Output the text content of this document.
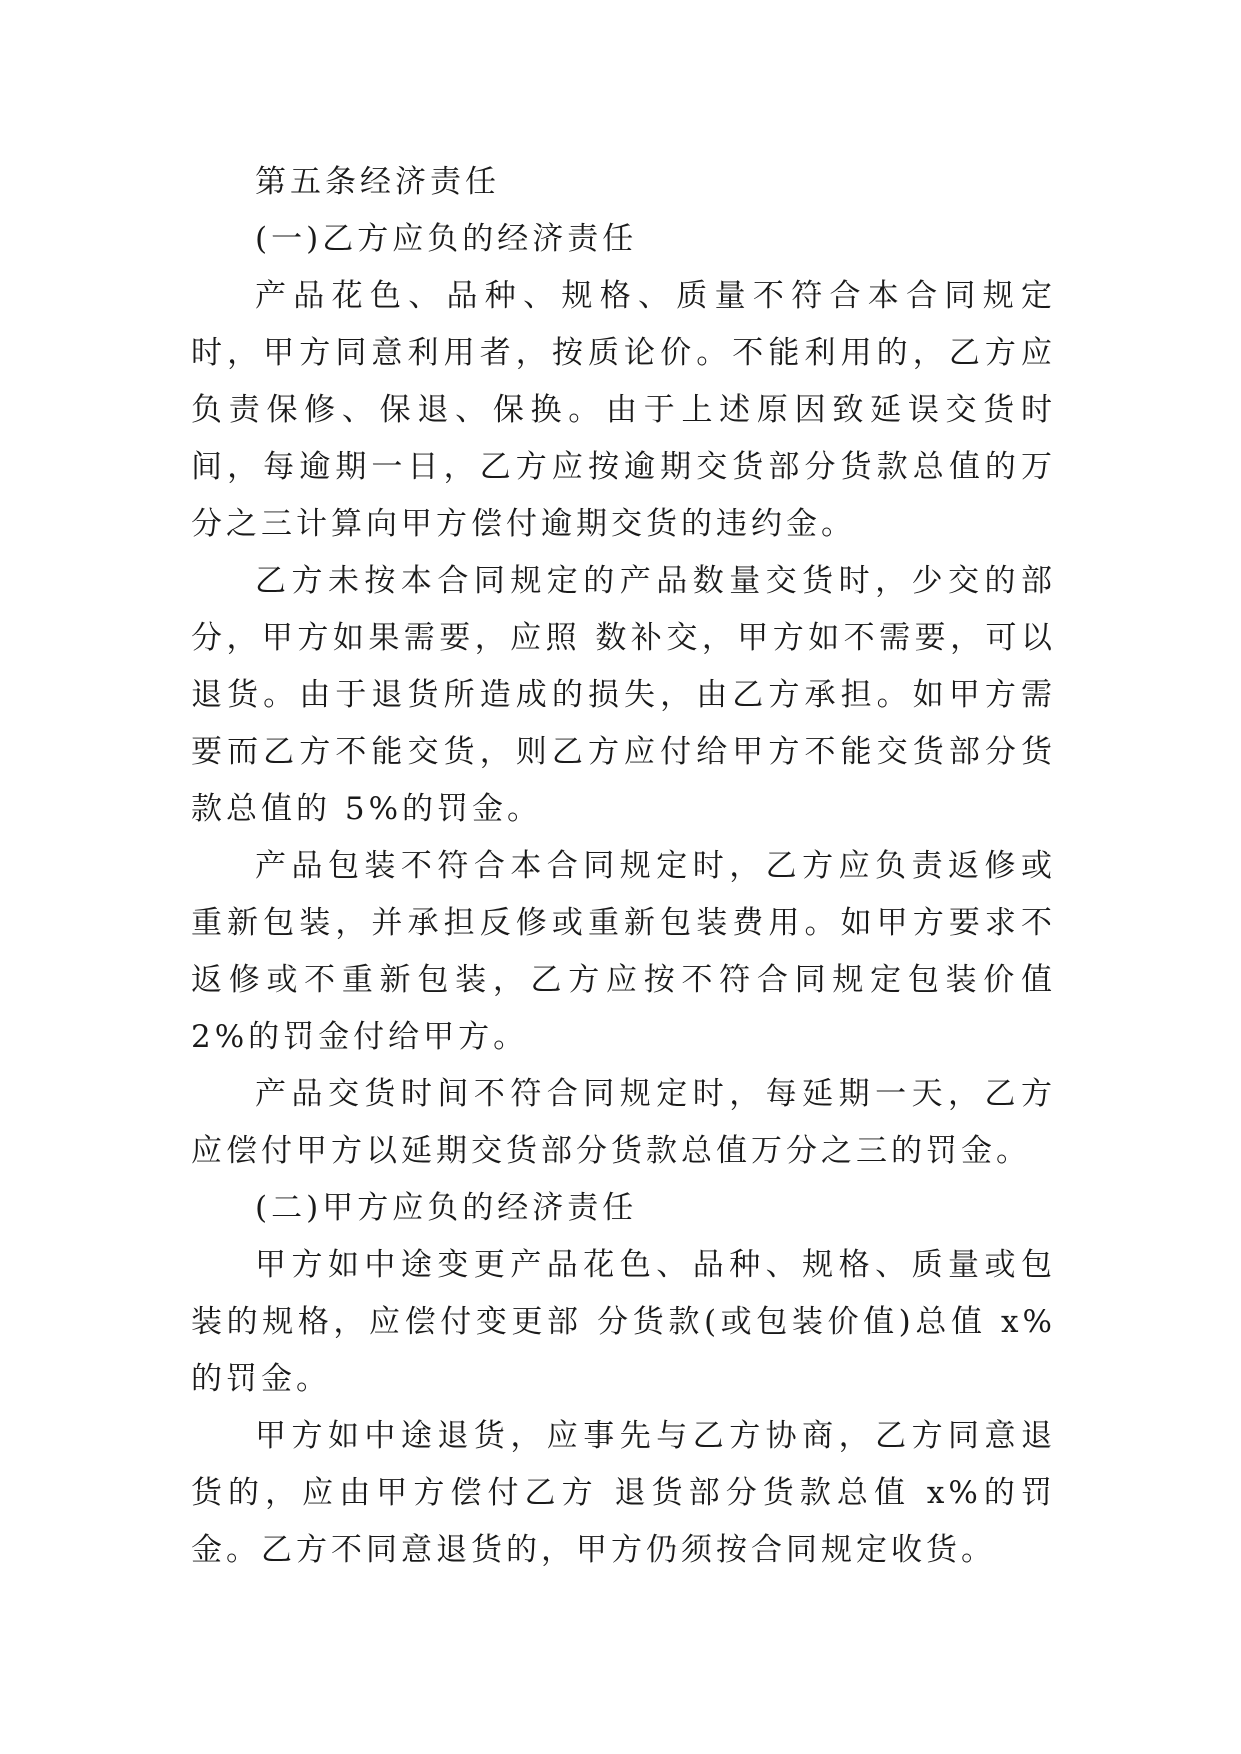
第五条经济责任

(一)乙方应负的经济责任

产品花色、品种、规格、质量不符合本合同规定时，甲方同意利用者，按质论价。不能利用的，乙方应负责保修、保退、保换。由于上述原因致延误交货时间，每逾期一日，乙方应按逾期交货部分货款总值的万分之三计算向甲方偿付逾期交货的违约金。

乙方未按本合同规定的产品数量交货时，少交的部分，甲方如果需要，应照 数补交，甲方如不需要，可以退货。由于退货所造成的损失，由乙方承担。如甲方需要而乙方不能交货，则乙方应付给甲方不能交货部分货款总值的 5%的罚金。

产品包装不符合本合同规定时，乙方应负责返修或重新包装，并承担反修或重新包装费用。如甲方要求不返修或不重新包装，乙方应按不符合同规定包装价值 2%的罚金付给甲方。

产品交货时间不符合同规定时，每延期一天，乙方应偿付甲方以延期交货部分货款总值万分之三的罚金。

(二)甲方应负的经济责任

甲方如中途变更产品花色、品种、规格、质量或包装的规格，应偿付变更部 分货款(或包装价值)总值 x%的罚金。

甲方如中途退货，应事先与乙方协商，乙方同意退货的，应由甲方偿付乙方 退货部分货款总值 x%的罚金。乙方不同意退货的，甲方仍须按合同规定收货。
